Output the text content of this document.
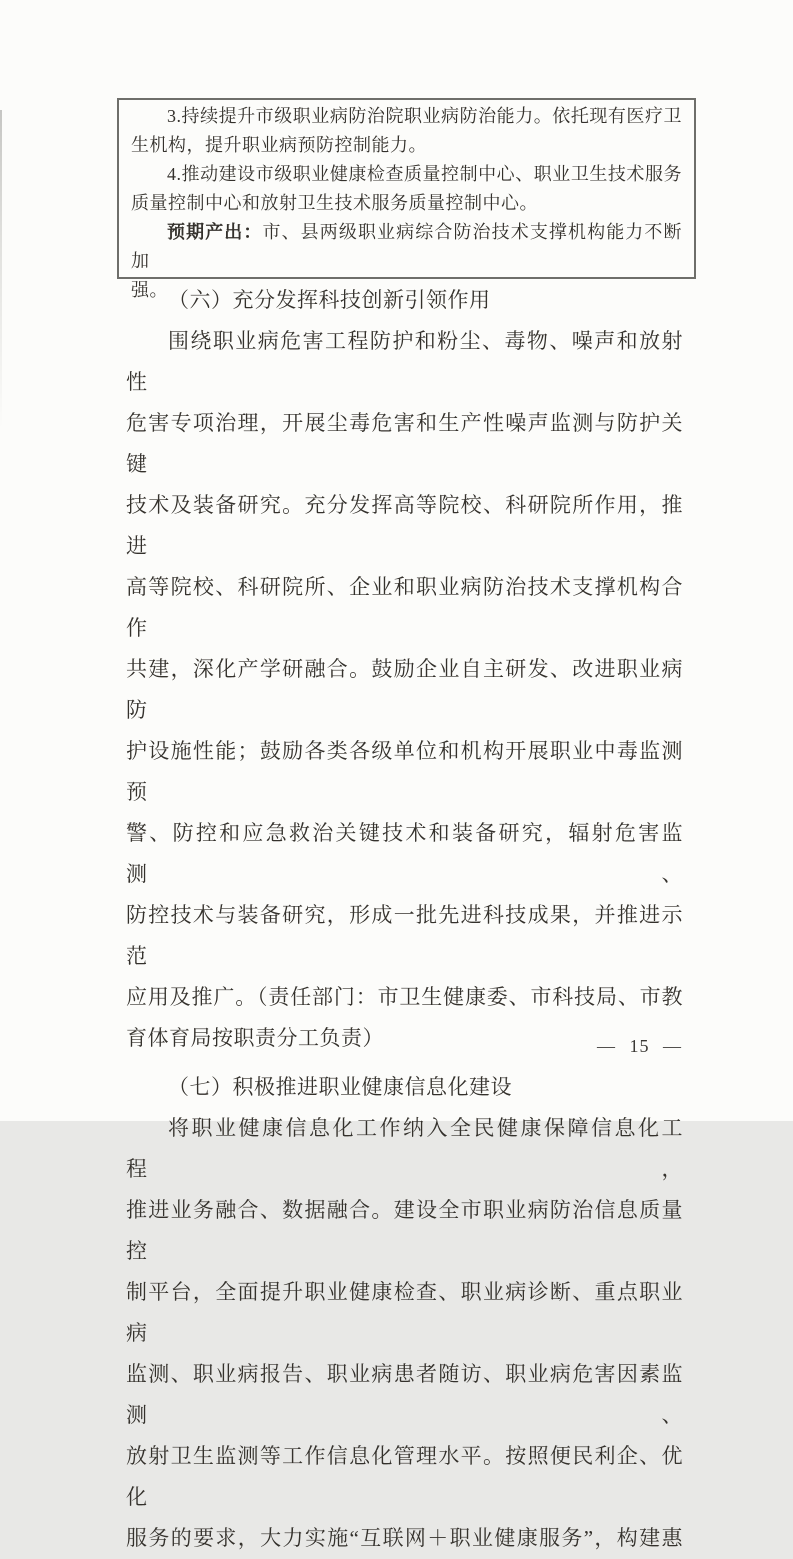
3.持续提升市级职业病防治院职业病防治能力。依托现有医疗卫
生机构，提升职业病预防控制能力。
4.推动建设市级职业健康检查质量控制中心、职业卫生技术服务
质量控制中心和放射卫生技术服务质量控制中心。
预期产出：市、县两级职业病综合防治技术支撑机构能力不断加
强。 （六）充分发挥科技创新引领作用
围绕职业病危害工程防护和粉尘、毒物、噪声和放射性
危害专项治理，开展尘毒危害和生产性噪声监测与防护关键
技术及装备研究。充分发挥高等院校、科研院所作用，推进
高等院校、科研院所、企业和职业病防治技术支撑机构合作
共建，深化产学研融合。鼓励企业自主研发、改进职业病防
护设施性能；鼓励各类各级单位和机构开展职业中毒监测预
警、防控和应急救治关键技术和装备研究，辐射危害监测、
防控技术与装备研究，形成一批先进科技成果，并推进示范
应用及推广。（责任部门：市卫生健康委、市科技局、市教
育体育局按职责分工负责）
（七）积极推进职业健康信息化建设
将职业健康信息化工作纳入全民健康保障信息化工程，
推进业务融合、数据融合。建设全市职业病防治信息质量控
制平台，全面提升职业健康检查、职业病诊断、重点职业病
监测、职业病报告、职业病患者随访、职业病危害因素监测、
放射卫生监测等工作信息化管理水平。按照便民利企、优化
服务的要求，大力实施“互联网＋职业健康服务”，构建惠
— 15 —
